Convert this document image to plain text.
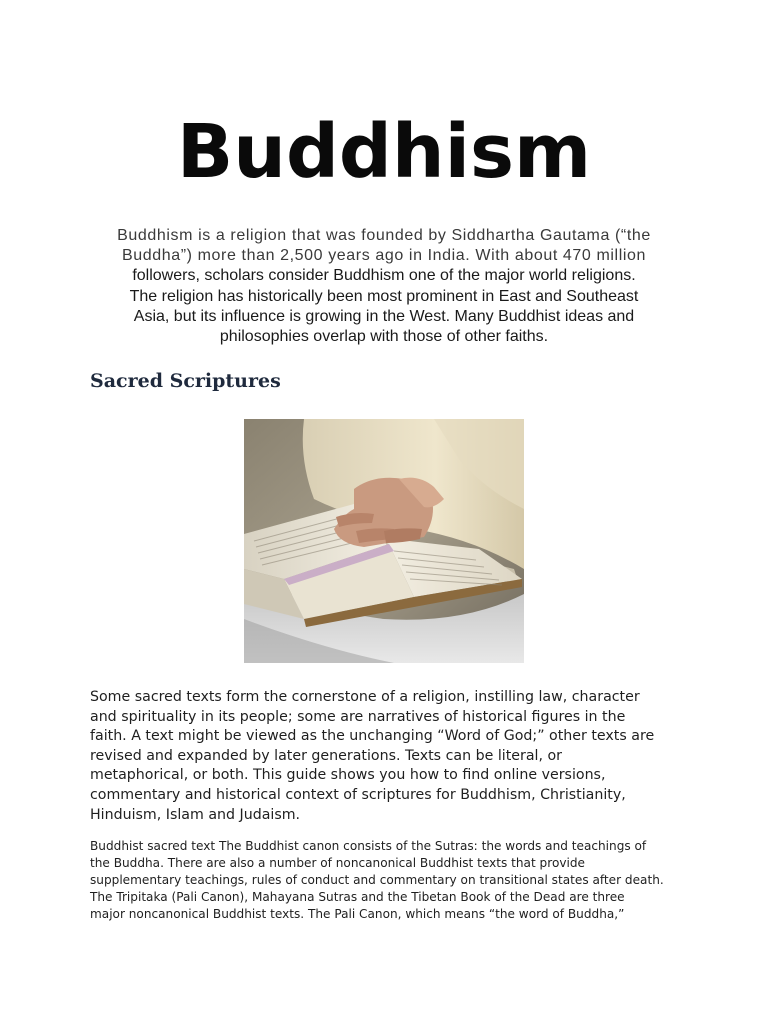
Buddhism
Buddhism is a religion that was founded by Siddhartha Gautama (“the
Buddha”) more than 2,500 years ago in India. With about 470 million
followers, scholars consider Buddhism one of the major world religions.
The religion has historically been most prominent in East and Southeast
Asia, but its influence is growing in the West. Many Buddhist ideas and
philosophies overlap with those of other faiths.
Sacred Scriptures
Some sacred texts form the cornerstone of a religion, instilling law, character
and spirituality in its people; some are narratives of historical figures in the
faith. A text might be viewed as the unchanging “Word of God;” other texts are
revised and expanded by later generations. Texts can be literal, or
metaphorical, or both. This guide shows you how to find online versions,
commentary and historical context of scriptures for Buddhism, Christianity,
Hinduism, Islam and Judaism.
Buddhist sacred text The Buddhist canon consists of the Sutras: the words and teachings of
the Buddha. There are also a number of noncanonical Buddhist texts that provide
supplementary teachings, rules of conduct and commentary on transitional states after death.
The Tripitaka (Pali Canon), Mahayana Sutras and the Tibetan Book of the Dead are three
major noncanonical Buddhist texts. The Pali Canon, which means “the word of Buddha,”
